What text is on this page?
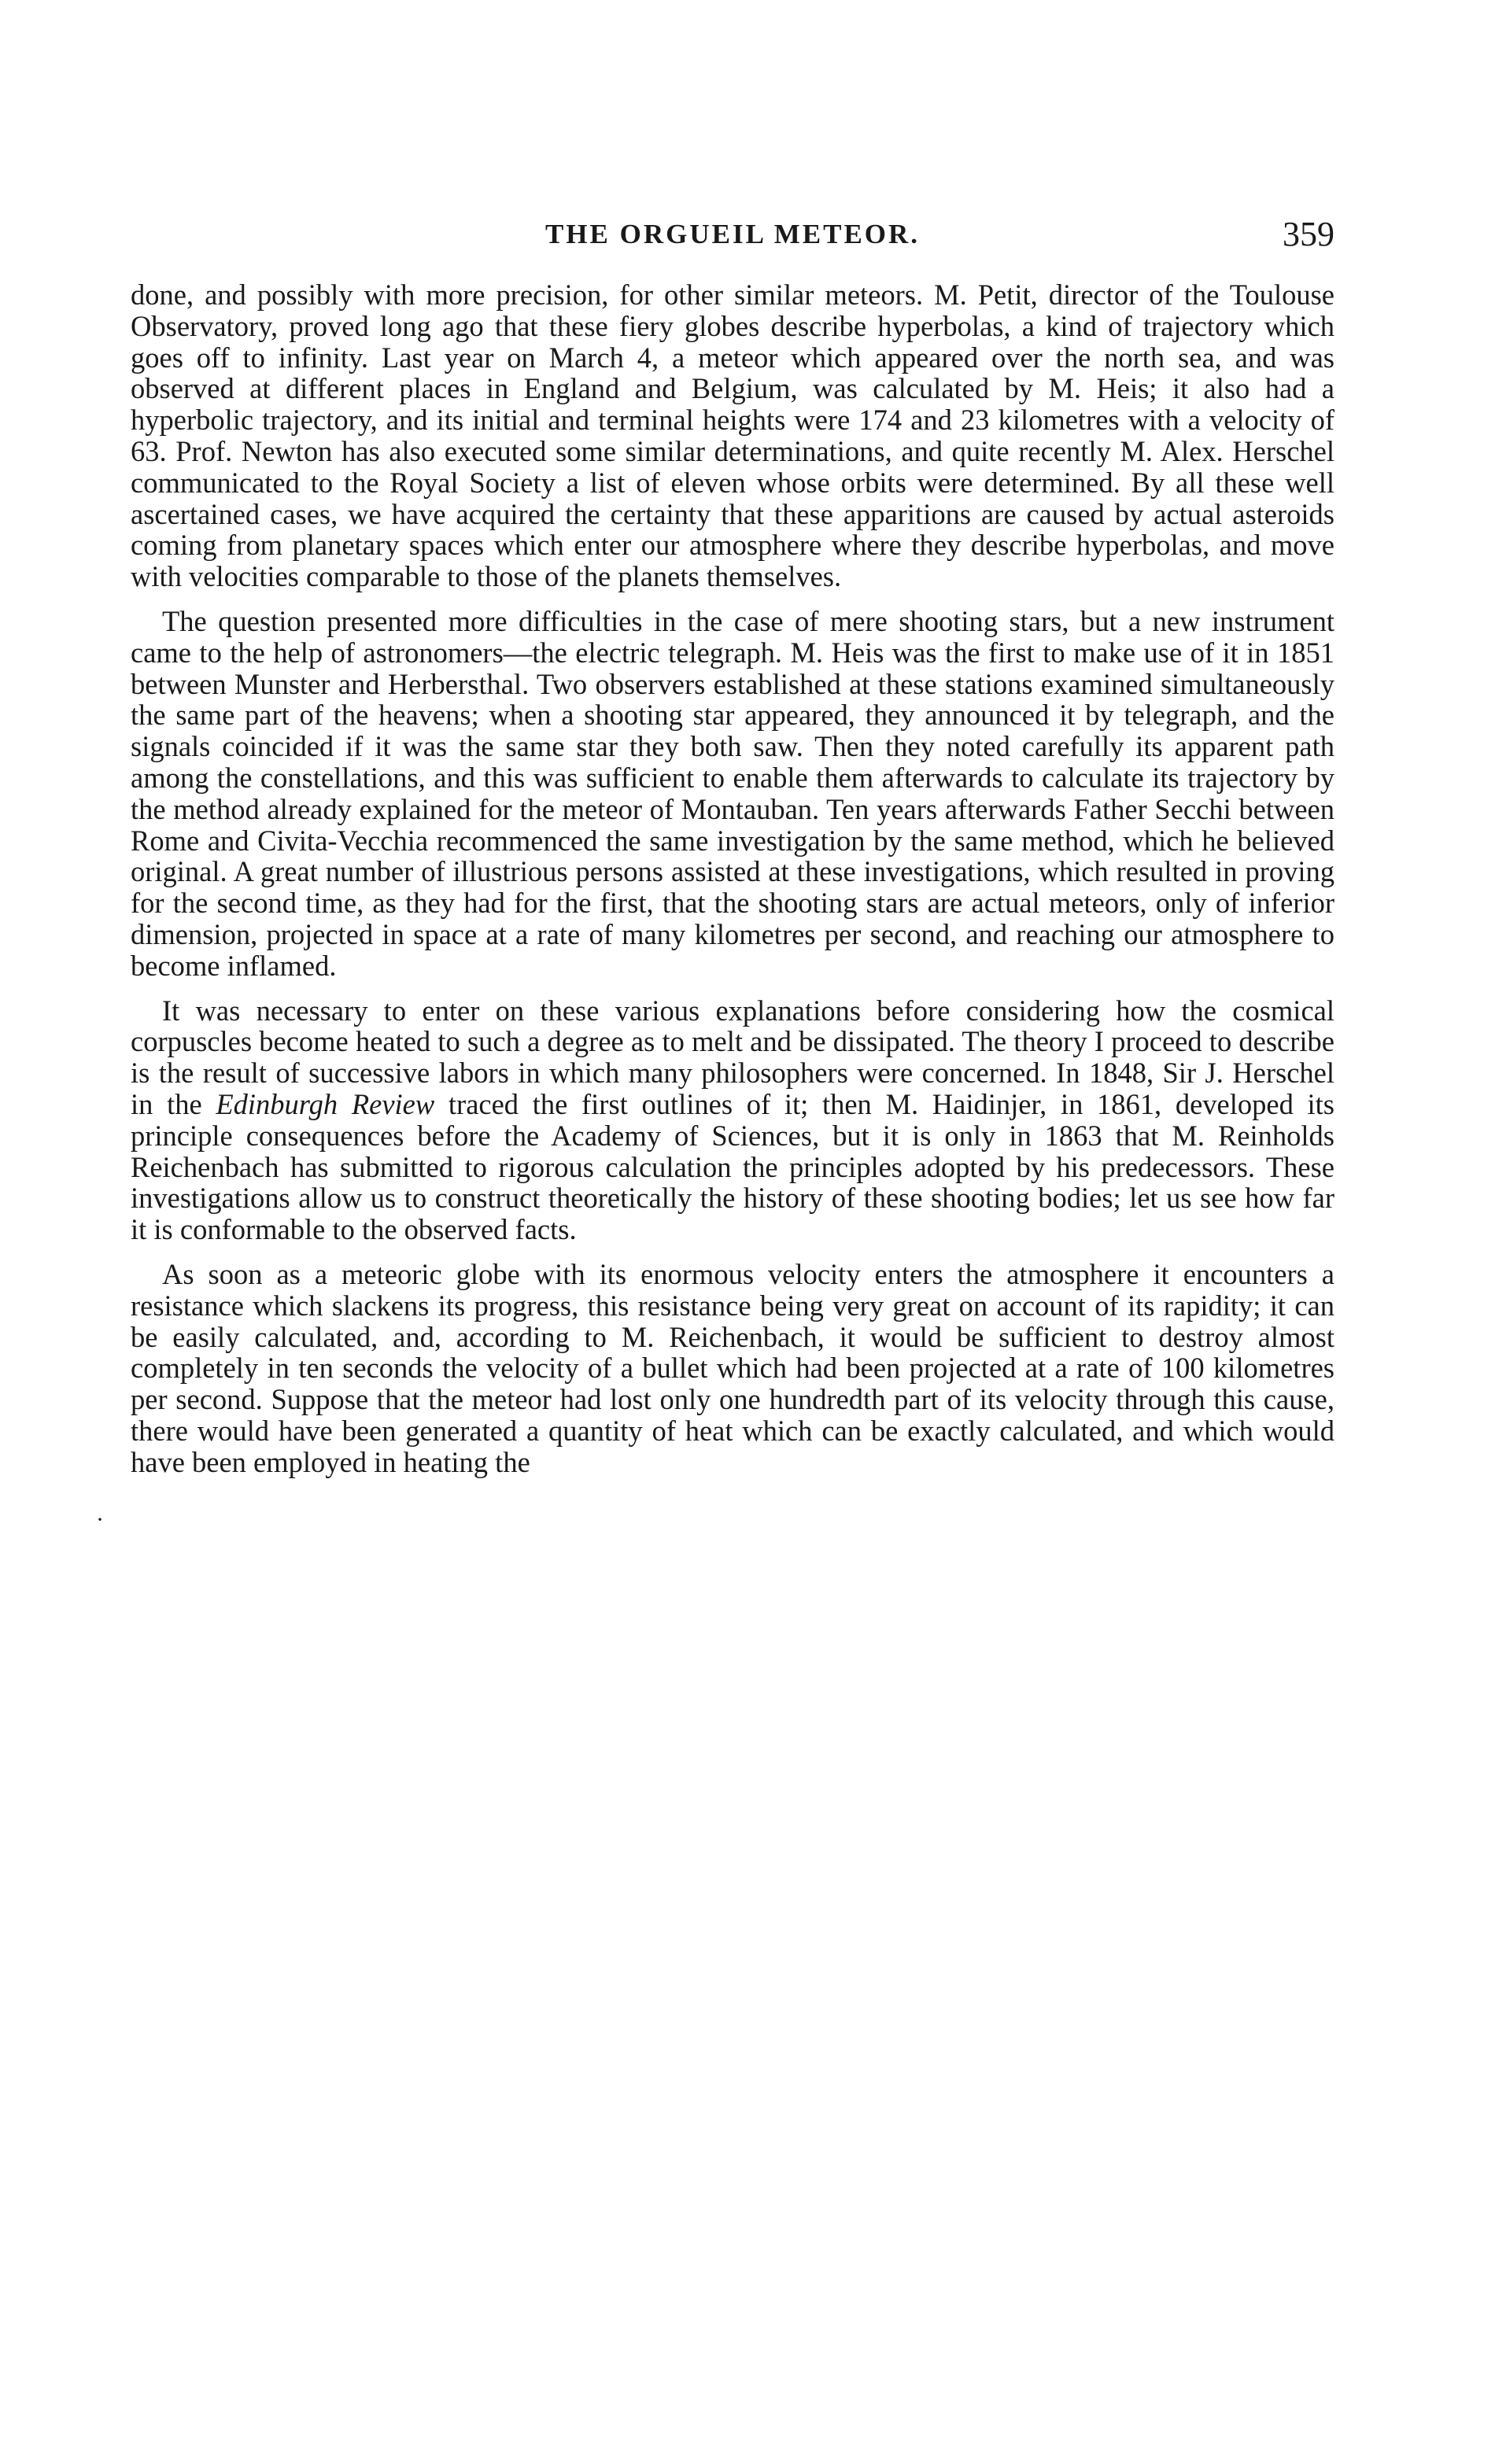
THE ORGUEIL METEOR.	359
·

done, and possibly with more precision, for other similar meteors. M. Petit, director of the Toulouse Observatory, proved long ago that these fiery globes describe hyperbolas, a kind of trajectory which goes off to infinity. Last year on March 4, a meteor which appeared over the north sea, and was observed at different places in England and Belgium, was calculated by M. Heis; it also had a hyperbolic trajectory, and its initial and terminal heights were 174 and 23 kilometres with a velocity of 63. Prof. Newton has also executed some similar determinations, and quite recently M. Alex. Herschel communicated to the Royal Society a list of eleven whose orbits were determined. By all these well ascertained cases, we have acquired the certainty that these apparitions are caused by actual asteroids coming from planetary spaces which enter our atmosphere where they describe hyperbolas, and move with velocities comparable to those of the planets themselves.

The question presented more difficulties in the case of mere shooting stars, but a new instrument came to the help of astronomers—the electric telegraph. M. Heis was the first to make use of it in 1851 between Munster and Herbersthal. Two observers established at these stations examined simultaneously the same part of the heavens; when a shooting star appeared, they announced it by telegraph, and the signals coincided if it was the same star they both saw. Then they noted carefully its apparent path among the constellations, and this was sufficient to enable them afterwards to calculate its trajectory by the method already explained for the meteor of Montauban. Ten years afterwards Father Secchi between Rome and Civita-Vecchia recommenced the same investigation by the same method, which he believed original. A great number of illustrious persons assisted at these investigations, which resulted in proving for the second time, as they had for the first, that the shooting stars are actual meteors, only of inferior dimension, projected in space at a rate of many kilometres per second, and reaching our atmosphere to become inflamed.

It was necessary to enter on these various explanations before considering how the cosmical corpuscles become heated to such a degree as to melt and be dissipated. The theory I proceed to describe is the result of successive labors in which many philosophers were concerned. In 1848, Sir J. Herschel in the Edinburgh Review traced the first outlines of it; then M. Haidinjer, in 1861, developed its principle consequences before the Academy of Sciences, but it is only in 1863 that M. Reinholds Reichenbach has submitted to rigorous calculation the principles adopted by his predecessors. These investigations allow us to construct theoretically the history of these shooting bodies; let us see how far it is conformable to the observed facts.

As soon as a meteoric globe with its enormous velocity enters the atmosphere it encounters a resistance which slackens its progress, this resistance being very great on account of its rapidity; it can be easily calculated, and, according to M. Reichenbach, it would be sufficient to destroy almost completely in ten seconds the velocity of a bullet which had been projected at a rate of 100 kilometres per second. Suppose that the meteor had lost only one hundredth part of its velocity through this cause, there would have been generated a quantity of heat which can be exactly calculated, and which would have been employed in heating the
